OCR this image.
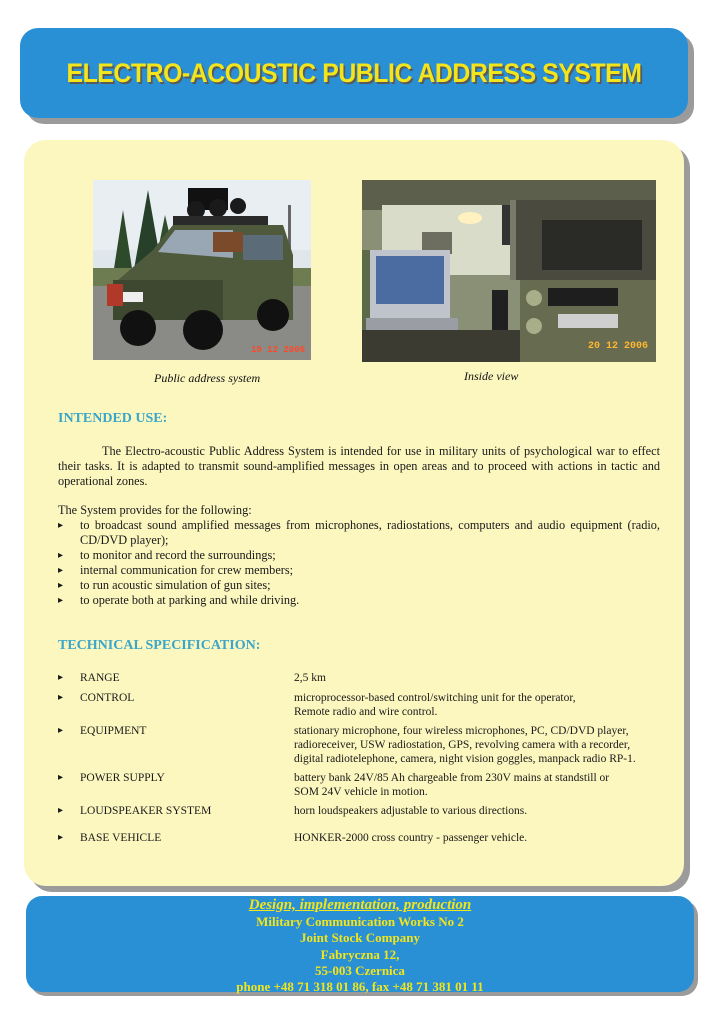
ELECTRO-ACOUSTIC PUBLIC ADDRESS SYSTEM
19 12 2006	20 12 2006
Public address system	Inside view
INTENDED USE:
The Electro-acoustic Public Address System is intended for use in military units of psychological war to effect their tasks. It is adapted to transmit sound-amplified messages in open areas and to proceed with actions in tactic and operational zones.
The System provides for the following:
▸ to broadcast sound amplified messages from microphones, radiostations, computers and audio equipment (radio, CD/DVD player);
▸ to monitor and record the surroundings;
▸ internal communication for crew members;
▸ to run acoustic simulation of gun sites;
▸ to operate both at parking and while driving.
TECHNICAL SPECIFICATION:
▸ RANGE	2,5 km
▸ CONTROL	microprocessor-based control/switching unit for the operator,
Remote radio and wire control.
▸ EQUIPMENT	stationary microphone, four wireless microphones, PC, CD/DVD player,
radioreceiver, USW radiostation, GPS, revolving camera with a recorder,
digital radiotelephone, camera, night vision goggles, manpack radio RP-1.
▸ POWER SUPPLY	battery bank 24V/85 Ah chargeable from 230V mains at standstill or
SOM 24V vehicle in motion.
▸ LOUDSPEAKER SYSTEM	horn loudspeakers adjustable to various directions.
▸ BASE VEHICLE	HONKER-2000 cross country - passenger vehicle.
Design, implementation, production
Military Communication Works No 2
Joint Stock Company
Fabryczna 12,
55-003 Czernica
phone +48 71 318 01 86, fax +48 71 381 01 11
